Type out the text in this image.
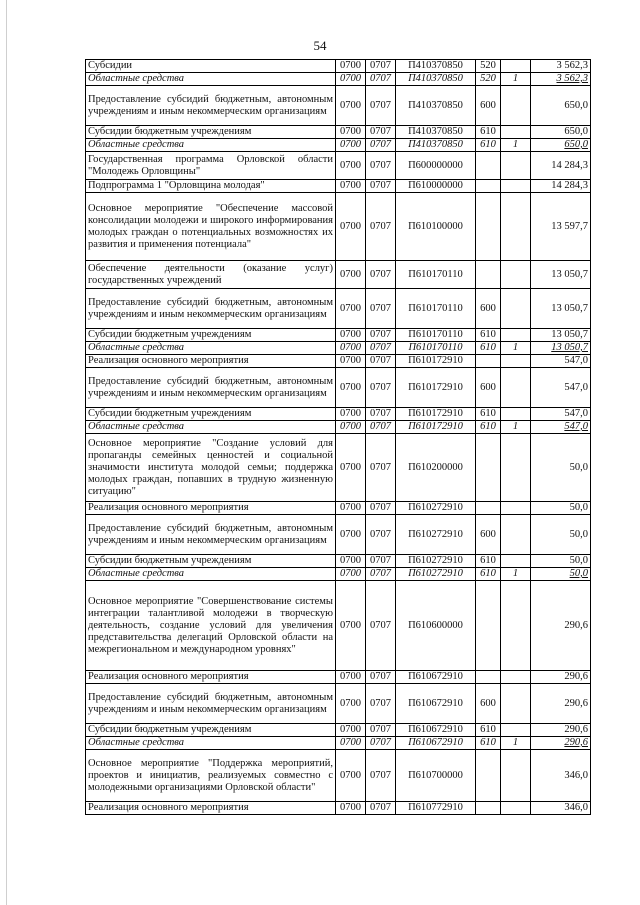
54
Субсидии	0700	0707	П410370850	520		3 562,3
Областные средства	0700	0707	П410370850	520	1	3 562,3
Предоставление субсидий бюджетным, автономным учреждениям и иным некоммерческим организациям	0700	0707	П410370850	600		650,0
Субсидии бюджетным учреждениям	0700	0707	П410370850	610		650,0
Областные средства	0700	0707	П410370850	610	1	650,0
Государственная программа Орловской области "Молодежь Орловщины"	0700	0707	П600000000			14 284,3
Подпрограмма 1 "Орловщина молодая"	0700	0707	П610000000			14 284,3
Основное мероприятие "Обеспечение массовой консолидации молодежи и широкого информирования молодых граждан о потенциальных возможностях их развития и применения потенциала"	0700	0707	П610100000			13 597,7
Обеспечение деятельности (оказание услуг) государственных учреждений	0700	0707	П610170110			13 050,7
Предоставление субсидий бюджетным, автономным учреждениям и иным некоммерческим организациям	0700	0707	П610170110	600		13 050,7
Субсидии бюджетным учреждениям	0700	0707	П610170110	610		13 050,7
Областные средства	0700	0707	П610170110	610	1	13 050,7
Реализация основного мероприятия	0700	0707	П610172910			547,0
Предоставление субсидий бюджетным, автономным учреждениям и иным некоммерческим организациям	0700	0707	П610172910	600		547,0
Субсидии бюджетным учреждениям	0700	0707	П610172910	610		547,0
Областные средства	0700	0707	П610172910	610	1	547,0
Основное мероприятие "Создание условий для пропаганды семейных ценностей и социальной значимости института молодой семьи; поддержка молодых граждан, попавших в трудную жизненную ситуацию"	0700	0707	П610200000			50,0
Реализация основного мероприятия	0700	0707	П610272910			50,0
Предоставление субсидий бюджетным, автономным учреждениям и иным некоммерческим организациям	0700	0707	П610272910	600		50,0
Субсидии бюджетным учреждениям	0700	0707	П610272910	610		50,0
Областные средства	0700	0707	П610272910	610	1	50,0
Основное мероприятие "Совершенствование системы интеграции талантливой молодежи в творческую деятельность, создание условий для увеличения представительства делегаций Орловской области на межрегиональном и международном уровнях"	0700	0707	П610600000			290,6
Реализация основного мероприятия	0700	0707	П610672910			290,6
Предоставление субсидий бюджетным, автономным учреждениям и иным некоммерческим организациям	0700	0707	П610672910	600		290,6
Субсидии бюджетным учреждениям	0700	0707	П610672910	610		290,6
Областные средства	0700	0707	П610672910	610	1	290,6
Основное мероприятие "Поддержка мероприятий, проектов и инициатив, реализуемых совместно с молодежными организациями Орловской области"	0700	0707	П610700000			346,0
Реализация основного мероприятия	0700	0707	П610772910			346,0
